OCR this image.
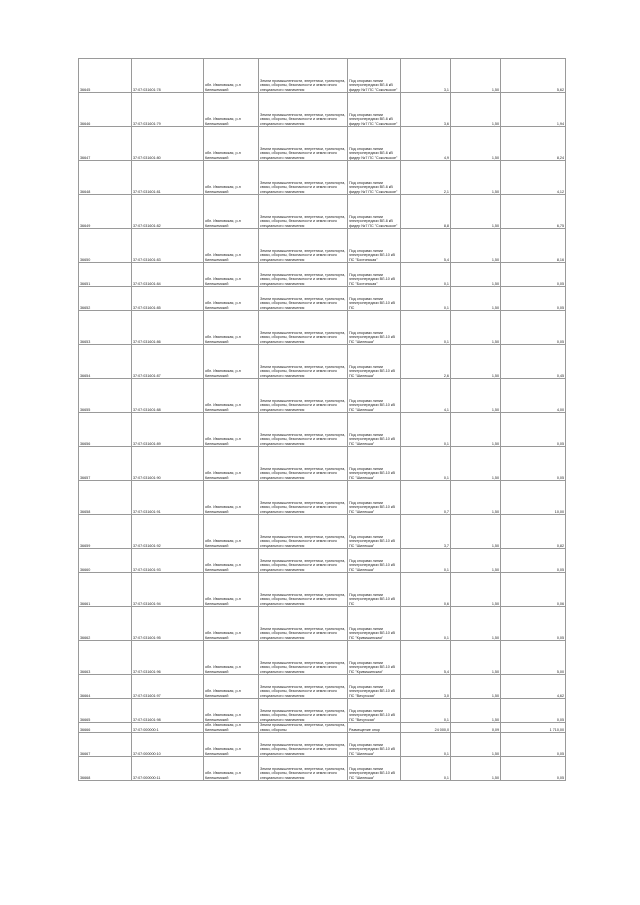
36645	37:07:031601:78	обл. Ивановская, р-н Кинешемский	Земли промышленности, энергетики, транспорта, связи, обороны, безопасности и земли иного специального назначения	Под опорами линии электропередачи ВЛ-6 кВ фидер №7 ПС "Сокольское"	3,1	1,50	5,62
36646	37:07:031601:79	обл. Ивановская, р-н Кинешемский	Земли промышленности, энергетики, транспорта, связи, обороны, безопасности и земли иного специального назначения	Под опорами линии электропередачи ВЛ-6 кВ фидер №7 ПС "Сокольское"	3,6	1,50	1,94
36647	37:07:031601:80	обл. Ивановская, р-н Кинешемский	Земли промышленности, энергетики, транспорта, связи, обороны, безопасности и земли иного специального назначения	Под опорами линии электропередачи ВЛ-6 кВ фидер №7 ПС "Сокольское"	4,9	1,50	8,24
36648	37:07:031601:81	обл. Ивановская, р-н Кинешемский	Земли промышленности, энергетики, транспорта, связи, обороны, безопасности и земли иного специального назначения	Под опорами линии электропередачи ВЛ-6 кВ фидер №7 ПС "Сокольское"	2,1	1,50	4,12
36649	37:07:031601:82	обл. Ивановская, р-н Кинешемский	Земли промышленности, энергетики, транспорта, связи, обороны, безопасности и земли иного специального назначения	Под опорами линии электропередачи ВЛ-6 кВ фидер №7 ПС "Сокольское"	8,8	1,50	6,75
36650	37:07:031601:83	обл. Ивановская, р-н Кинешемский	Земли промышленности, энергетики, транспорта, связи, обороны, безопасности и земли иного специального назначения	Под опорами линии электропередачи ВЛ-10 кВ ПС "Бохтинская"	5,4	1,50	8,16
36651	37:07:031601:84	обл. Ивановская, р-н Кинешемский	Земли промышленности, энергетики, транспорта, связи, обороны, безопасности и земли иного специального назначения	Под опорами линии электропередачи ВЛ-10 кВ ПС "Бохтинская"	0,1	1,50	0,05
36652	37:07:031601:85	обл. Ивановская, р-н Кинешемский	Земли промышленности, энергетики, транспорта, связи, обороны, безопасности и земли иного специального назначения	Под опорами линии электропередачи ВЛ-10 кВ ПС	0,1	1,50	0,05
36653	37:07:031601:86	обл. Ивановская, р-н Кинешемский	Земли промышленности, энергетики, транспорта, связи, обороны, безопасности и земли иного специального назначения	Под опорами линии электропередачи ВЛ-10 кВ ПС "Шилекша"	0,1	1,50	0,05
36654	37:07:031601:87	обл. Ивановская, р-н Кинешемский	Земли промышленности, энергетики, транспорта, связи, обороны, безопасности и земли иного специального назначения	Под опорами линии электропередачи ВЛ-10 кВ ПС "Шилекша"	2,6	1,50	0,45
36655	37:07:031601:88	обл. Ивановская, р-н Кинешемский	Земли промышленности, энергетики, транспорта, связи, обороны, безопасности и земли иного специального назначения	Под опорами линии электропередачи ВЛ-10 кВ ПС "Шилекша"	4,1	1,50	4,00
36656	37:07:031601:89	обл. Ивановская, р-н Кинешемский	Земли промышленности, энергетики, транспорта, связи, обороны, безопасности и земли иного специального назначения	Под опорами линии электропередачи ВЛ-10 кВ ПС "Шилекша"	0,1	1,50	0,05
36657	37:07:031601:90	обл. Ивановская, р-н Кинешемский	Земли промышленности, энергетики, транспорта, связи, обороны, безопасности и земли иного специального назначения	Под опорами линии электропередачи ВЛ-10 кВ ПС "Шилекша"	0,1	1,50	0,05
36658	37:07:031601:91	обл. Ивановская, р-н Кинешемский	Земли промышленности, энергетики, транспорта, связи, обороны, безопасности и земли иного специального назначения	Под опорами линии электропередачи ВЛ-10 кВ ПС "Шилекша"	0,7	1,50	10,00
36659	37:07:031601:92	обл. Ивановская, р-н Кинешемский	Земли промышленности, энергетики, транспорта, связи, обороны, безопасности и земли иного специального назначения	Под опорами линии электропередачи ВЛ-10 кВ ПС "Шилекша"	3,7	1,50	0,82
36660	37:07:031601:93	обл. Ивановская, р-н Кинешемский	Земли промышленности, энергетики, транспорта, связи, обороны, безопасности и земли иного специального назначения	Под опорами линии электропередачи ВЛ-10 кВ ПС "Шилекша"	0,1	1,50	0,05
36661	37:07:031601:94	обл. Ивановская, р-н Кинешемский	Земли промышленности, энергетики, транспорта, связи, обороны, безопасности и земли иного специального назначения	Под опорами линии электропередачи ВЛ-10 кВ ПС	0,6	1,50	0,06
36662	37:07:031601:95	обл. Ивановская, р-н Кинешемский	Земли промышленности, энергетики, транспорта, связи, обороны, безопасности и земли иного специального назначения	Под опорами линии электропередачи ВЛ-10 кВ ПС "Кривишинская"	0,1	1,50	0,05
36663	37:07:031601:96	обл. Ивановская, р-н Кинешемский	Земли промышленности, энергетики, транспорта, связи, обороны, безопасности и земли иного специального назначения	Под опорами линии электропередачи ВЛ-10 кВ ПС "Кривишинская"	5,4	1,50	5,00
36664	37:07:031601:97	обл. Ивановская, р-н Кинешемский	Земли промышленности, энергетики, транспорта, связи, обороны, безопасности и земли иного специального назначения	Под опорами линии электропередачи ВЛ-10 кВ ПС "Вичугская"	3,0	1,50	4,62
36665	37:07:031601:98	обл. Ивановская, р-н Кинешемский	Земли промышленности, энергетики, транспорта, связи, обороны, безопасности и земли иного специального назначения	Под опорами линии электропередачи ВЛ-10 кВ ПС "Вичугская"	0,1	1,50	0,05
36666	37:07:000000:1	обл. Ивановская, р-н Кинешемский	Земли промышленности, энергетики, транспорта, связи, обороны	Размещение опор	24 000,0	0,09	1 710,00
36667	37:07:000000:10	обл. Ивановская, р-н Кинешемский	Земли промышленности, энергетики, транспорта, связи, обороны, безопасности и земли иного специального назначения	Под опорами линии электропередачи ВЛ-10 кВ ПС "Шилекша"	0,1	1,50	0,05
36668	37:07:000000:11	обл. Ивановская, р-н Кинешемский	Земли промышленности, энергетики, транспорта, связи, обороны, безопасности и земли иного специального назначения	Под опорами линии электропередачи ВЛ-10 кВ ПС "Шилекша"	0,1	1,50	0,05
